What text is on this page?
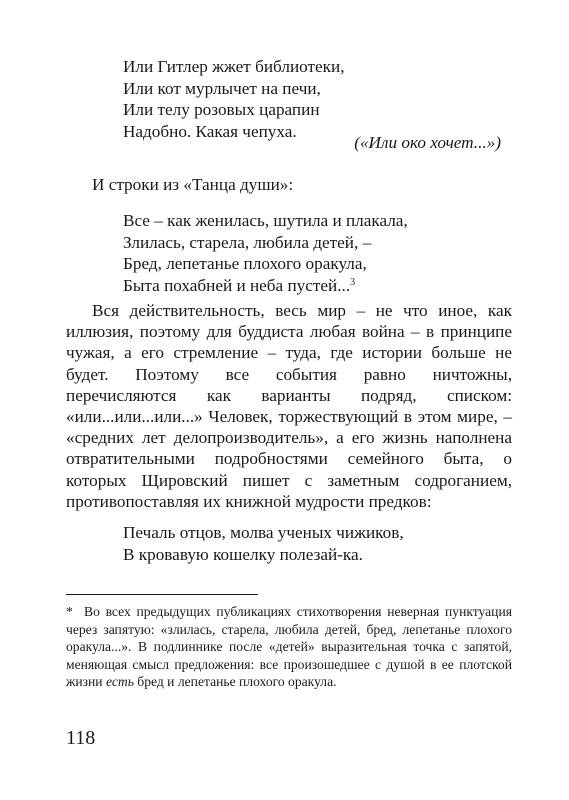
Или Гитлер жжет библиотеки,
Или кот мурлычет на печи,
Или телу розовых царапин
Надобно. Какая чепуха.
(«Или око хочет...»)

И строки из «Танца души»:

Все – как женилась, шутила и плакала,
Злилась, старела, любила детей, –
Бред, лепетанье плохого оракула,
Быта похабней и неба пустей...$^3$

Вся действительность, весь мир – не что иное, как иллюзия, поэтому для буддиста любая война – в принципе чужая, а его стремление – туда, где истории больше не будет. Поэтому все события равно ничтожны, перечисляются как варианты подряд, списком: «или...или...или...» Человек, торжествующий в этом мире, – «средних лет делопроизводитель», а его жизнь наполнена отвратительными подробностями семейного быта, о которых Щировский пишет с заметным содроганием, противопоставляя их книжной мудрости предков:

Печаль отцов, молва ученых чижиков,
В кровавую кошелку полезай-ка.

* Во всех предыдущих публикациях стихотворения неверная пунктуация через запятую: «злилась, старела, любила детей, бред, лепетанье плохого оракула...». В подлиннике после «детей» выразительная точка с запятой, меняющая смысл предложения: все произошедшее с душой в ее плотской жизни есть бред и лепетанье плохого оракула.

118
